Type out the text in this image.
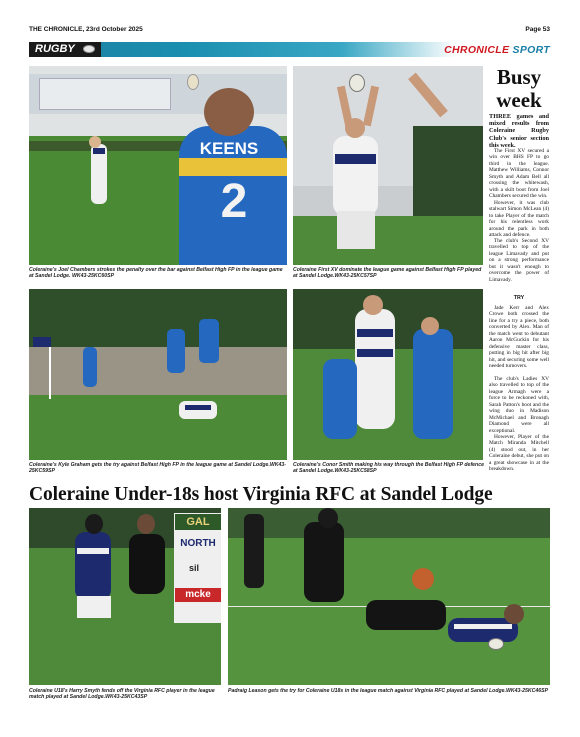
THE CHRONICLE, 23rd October 2025	Page 53
RUGBY	CHRONICLE SPORT
KEENS
2
Coleraine's Joel Chambers strokes the penalty over the bar against Belfast High FP in the league game at Sandel Lodge. WK43-25KC60SP
Coleraine First XV dominate the league game against Belfast High FP played at Sandel Lodge.WK43-25KC57SP
Coleraine's Kyle Graham gets the try against Belfast High FP in the league game at Sandel Lodge.WK43-25KC59SP
Coleraine's Conor Smith making his way through the Belfast High FP defence at Sandel Lodge.WK43-25KC58SP
Busy
week
THREE games and mixed results from Coleraine Rugby Club's senior section this week.
The First XV secured a win over BHS FP to go third in the league. Matthew Williams, Connor Smyth and Adam Bell all crossing the whitewash, with a skilt boot from Joel Chambers secured the win.
However, it was club stalwart Simon McLean (4) to take Player of the match for his relentless work around the park in both attack and defence.
The club's Second XV travelled to top of the league Limavady and put on a strong performance but it wasn't enough to overcome the power of Limavady.
TRY
Jade Kerr and Alex Crowe both crossed the line for a try a piece, both converted by Alex. Man of the match went to debutant Aaron McGuckin for his defensive master class, putting in big hit after big hit, and securing some well needed turnovers.
The club's Ladies XV also travelled to top of the league Armagh were a force to be reckoned with, Sarah Patton's boot and the wing duo in Madison McMichael and Bronagh Diamond were all exceptional.
However, Player of the Match Miranda Mitchell (4) stood out, in her Coleraine debut, she put on a great showcase in at the breakdown.
Coleraine Under-18s host Virginia RFC at Sandel Lodge
GAL
NORTH
sil
mcke
Coleraine U18's Harry Smyth fends off the Virginia RFC player in the league match played at Sandel Lodge.WK43-25KC43SP
Padraig Leason gets the try for Coleraine U18s in the league match against Virginia RFC played at Sandel Lodge.WK43-25KC46SP
